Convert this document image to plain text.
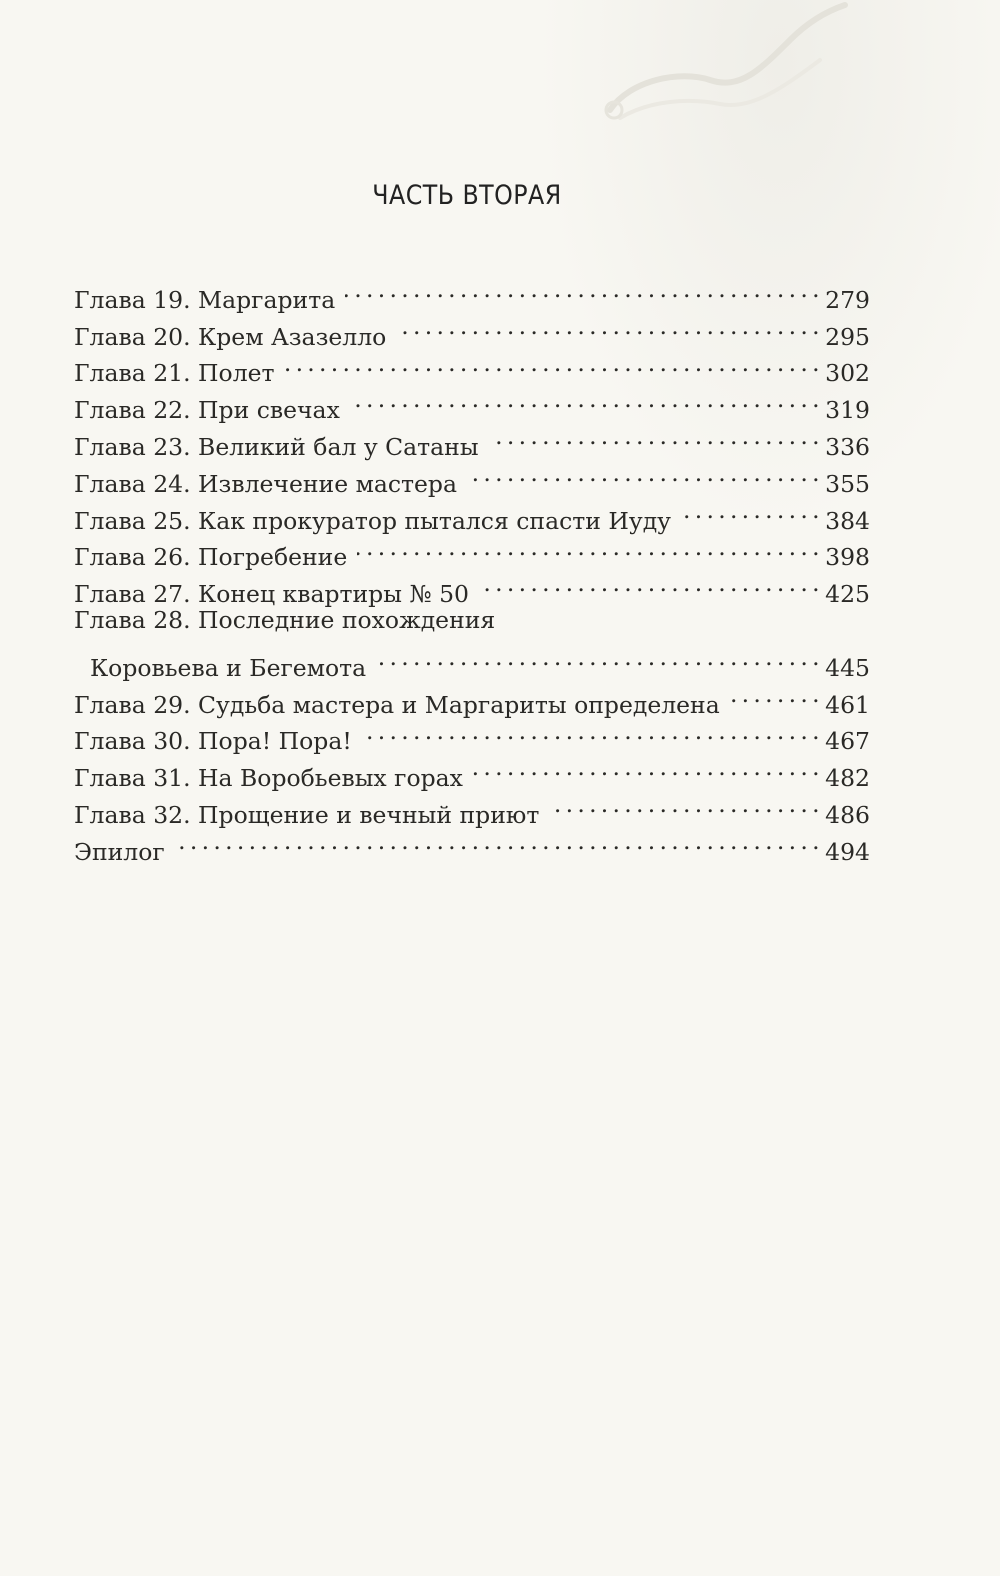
ЧАСТЬ ВТОРАЯ
Глава 19. Маргарита . . .	279
Глава 20. Крем Азазелло . . .	295
Глава 21. Полет . . .	302
Глава 22. При свечах . . .	319
Глава 23. Великий бал у Сатаны . . .	336
Глава 24. Извлечение мастера . . .	355
Глава 25. Как прокуратор пытался спасти Иуду . . .	384
Глава 26. Погребение . . .	398
Глава 27. Конец квартиры № 50 . . .	425
Глава 28. Последние похождения
Коровьева и Бегемота . . .	445
Глава 29. Судьба мастера и Маргариты определена . . .	461
Глава 30. Пора! Пора! . . .	467
Глава 31. На Воробьевых горах . . .	482
Глава 32. Прощение и вечный приют . . .	486
Эпилог . . .	494
